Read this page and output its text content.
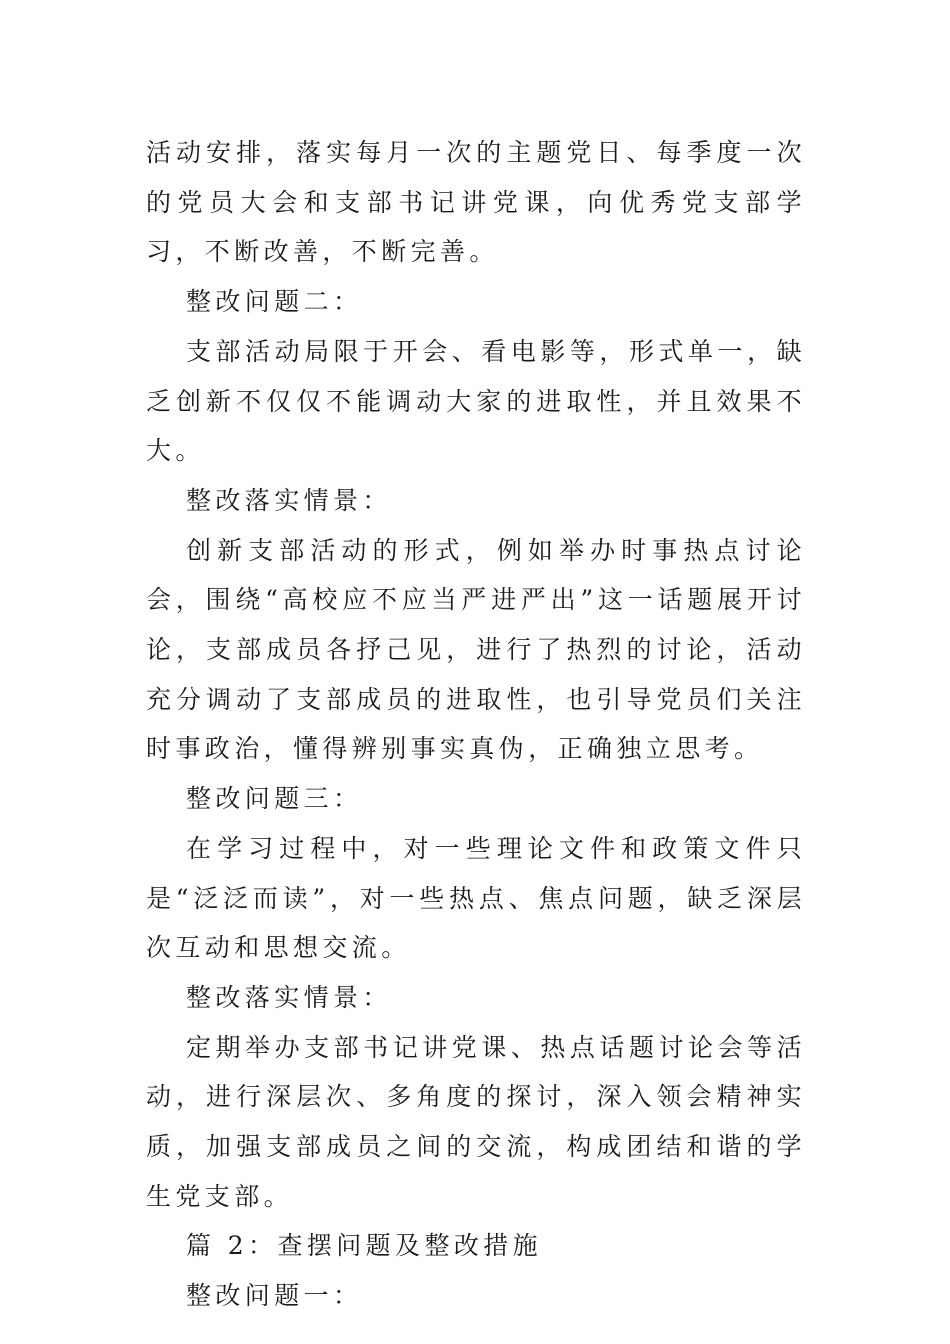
活动安排，落实每月一次的主题党日、每季度一次的党员大会和支部书记讲党课，向优秀党支部学习，不断改善，不断完善。

整改问题二：

支部活动局限于开会、看电影等，形式单一，缺乏创新不仅仅不能调动大家的进取性，并且效果不大。

整改落实情景：

创新支部活动的形式，例如举办时事热点讨论会，围绕“高校应不应当严进严出”这一话题展开讨论，支部成员各抒己见，进行了热烈的讨论，活动充分调动了支部成员的进取性，也引导党员们关注时事政治，懂得辨别事实真伪，正确独立思考。

整改问题三：

在学习过程中，对一些理论文件和政策文件只是“泛泛而读”，对一些热点、焦点问题，缺乏深层次互动和思想交流。

整改落实情景：

定期举办支部书记讲党课、热点话题讨论会等活动，进行深层次、多角度的探讨，深入领会精神实质，加强支部成员之间的交流，构成团结和谐的学生党支部。

篇 2：查摆问题及整改措施

整改问题一：
